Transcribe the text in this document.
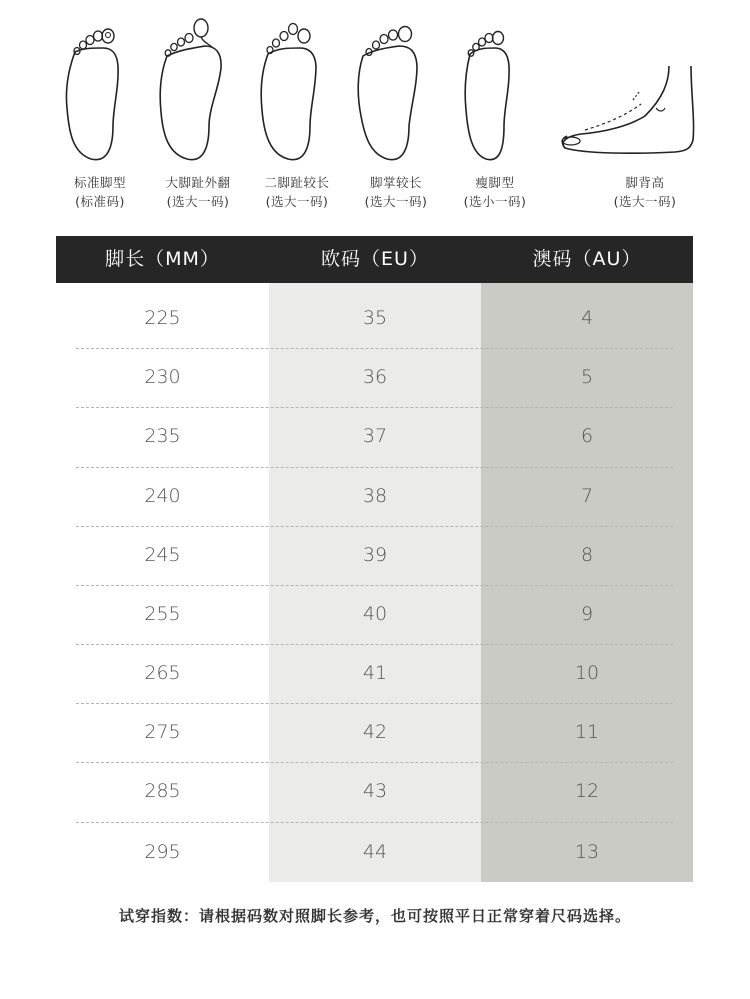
标准脚型
(标准码)
大脚趾外翻
(选大一码)
二脚趾较长
(选大一码)
脚掌较长
(选大一码)
瘦脚型
(选小一码)
脚背高
(选大一码)
脚长（MM）	欧码（EU）	澳码（AU）
225	35	4
230	36	5
235	37	6
240	38	7
245	39	8
255	40	9
265	41	10
275	42	11
285	43	12
295	44	13
试穿指数：请根据码数对照脚长参考，也可按照平日正常穿着尺码选择。
